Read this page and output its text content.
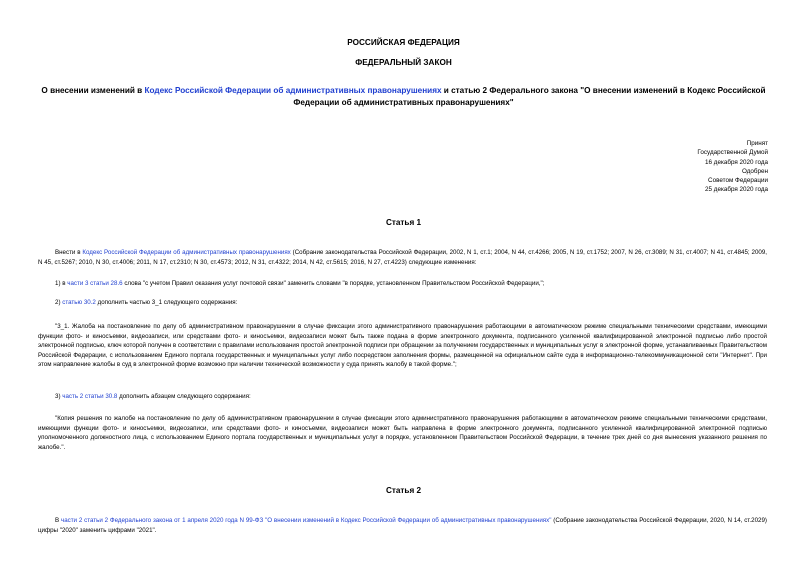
РОССИЙСКАЯ ФЕДЕРАЦИЯ
ФЕДЕРАЛЬНЫЙ ЗАКОН
О внесении изменений в Кодекс Российской Федерации об административных правонарушениях и статью 2 Федерального закона "О внесении изменений в Кодекс Российской Федерации об административных правонарушениях"
Принят
Государственной Думой
16 декабря 2020 года
Одобрен
Советом Федерации
25 декабря 2020 года
Статья 1
Внести в Кодекс Российской Федерации об административных правонарушениях (Собрание законодательства Российской Федерации, 2002, N 1, ст.1; 2004, N 44, ст.4266; 2005, N 19, ст.1752; 2007, N 26, ст.3089; N 31, ст.4007; N 41, ст.4845; 2009, N 45, ст.5267; 2010, N 30, ст.4006; 2011, N 17, ст.2310; N 30, ст.4573; 2012, N 31, ст.4322; 2014, N 42, ст.5615; 2016, N 27, ст.4223) следующие изменения:
1) в части 3 статьи 28.6 слова "с учетом Правил оказания услуг почтовой связи" заменить словами "в порядке, установленном Правительством Российской Федерации,";
2) статью 30.2 дополнить частью 3_1 следующего содержания:
"3_1. Жалоба на постановление по делу об административном правонарушении в случае фиксации этого административного правонарушения работающими в автоматическом режиме специальными техническими средствами, имеющими функции фото- и киносъемки, видеозаписи, или средствами фото- и киносъемки, видеозаписи может быть также подана в форме электронного документа, подписанного усиленной квалифицированной электронной подписью либо простой электронной подписью, ключ которой получен в соответствии с правилами использования простой электронной подписи при обращении за получением государственных и муниципальных услуг в электронной форме, устанавливаемых Правительством Российской Федерации, с использованием Единого портала государственных и муниципальных услуг либо посредством заполнения формы, размещенной на официальном сайте суда в информационно-телекоммуникационной сети "Интернет". При этом направление жалобы в суд в электронной форме возможно при наличии технической возможности у суда принять жалобу в такой форме.";
3) часть 2 статьи 30.8 дополнить абзацем следующего содержания:
"Копия решения по жалобе на постановление по делу об административном правонарушении в случае фиксации этого административного правонарушения работающими в автоматическом режиме специальными техническими средствами, имеющими функции фото- и киносъемки, видеозаписи, или средствами фото- и киносъемки, видеозаписи может быть направлена в форме электронного документа, подписанного усиленной квалифицированной электронной подписью уполномоченного должностного лица, с использованием Единого портала государственных и муниципальных услуг в порядке, установленном Правительством Российской Федерации, в течение трех дней со дня вынесения указанного решения по жалобе.".
Статья 2
В части 2 статьи 2 Федерального закона от 1 апреля 2020 года N 99-ФЗ "О внесении изменений в Кодекс Российской Федерации об административных правонарушениях" (Собрание законодательства Российской Федерации, 2020, N 14, ст.2029) цифры "2020" заменить цифрами "2021".
